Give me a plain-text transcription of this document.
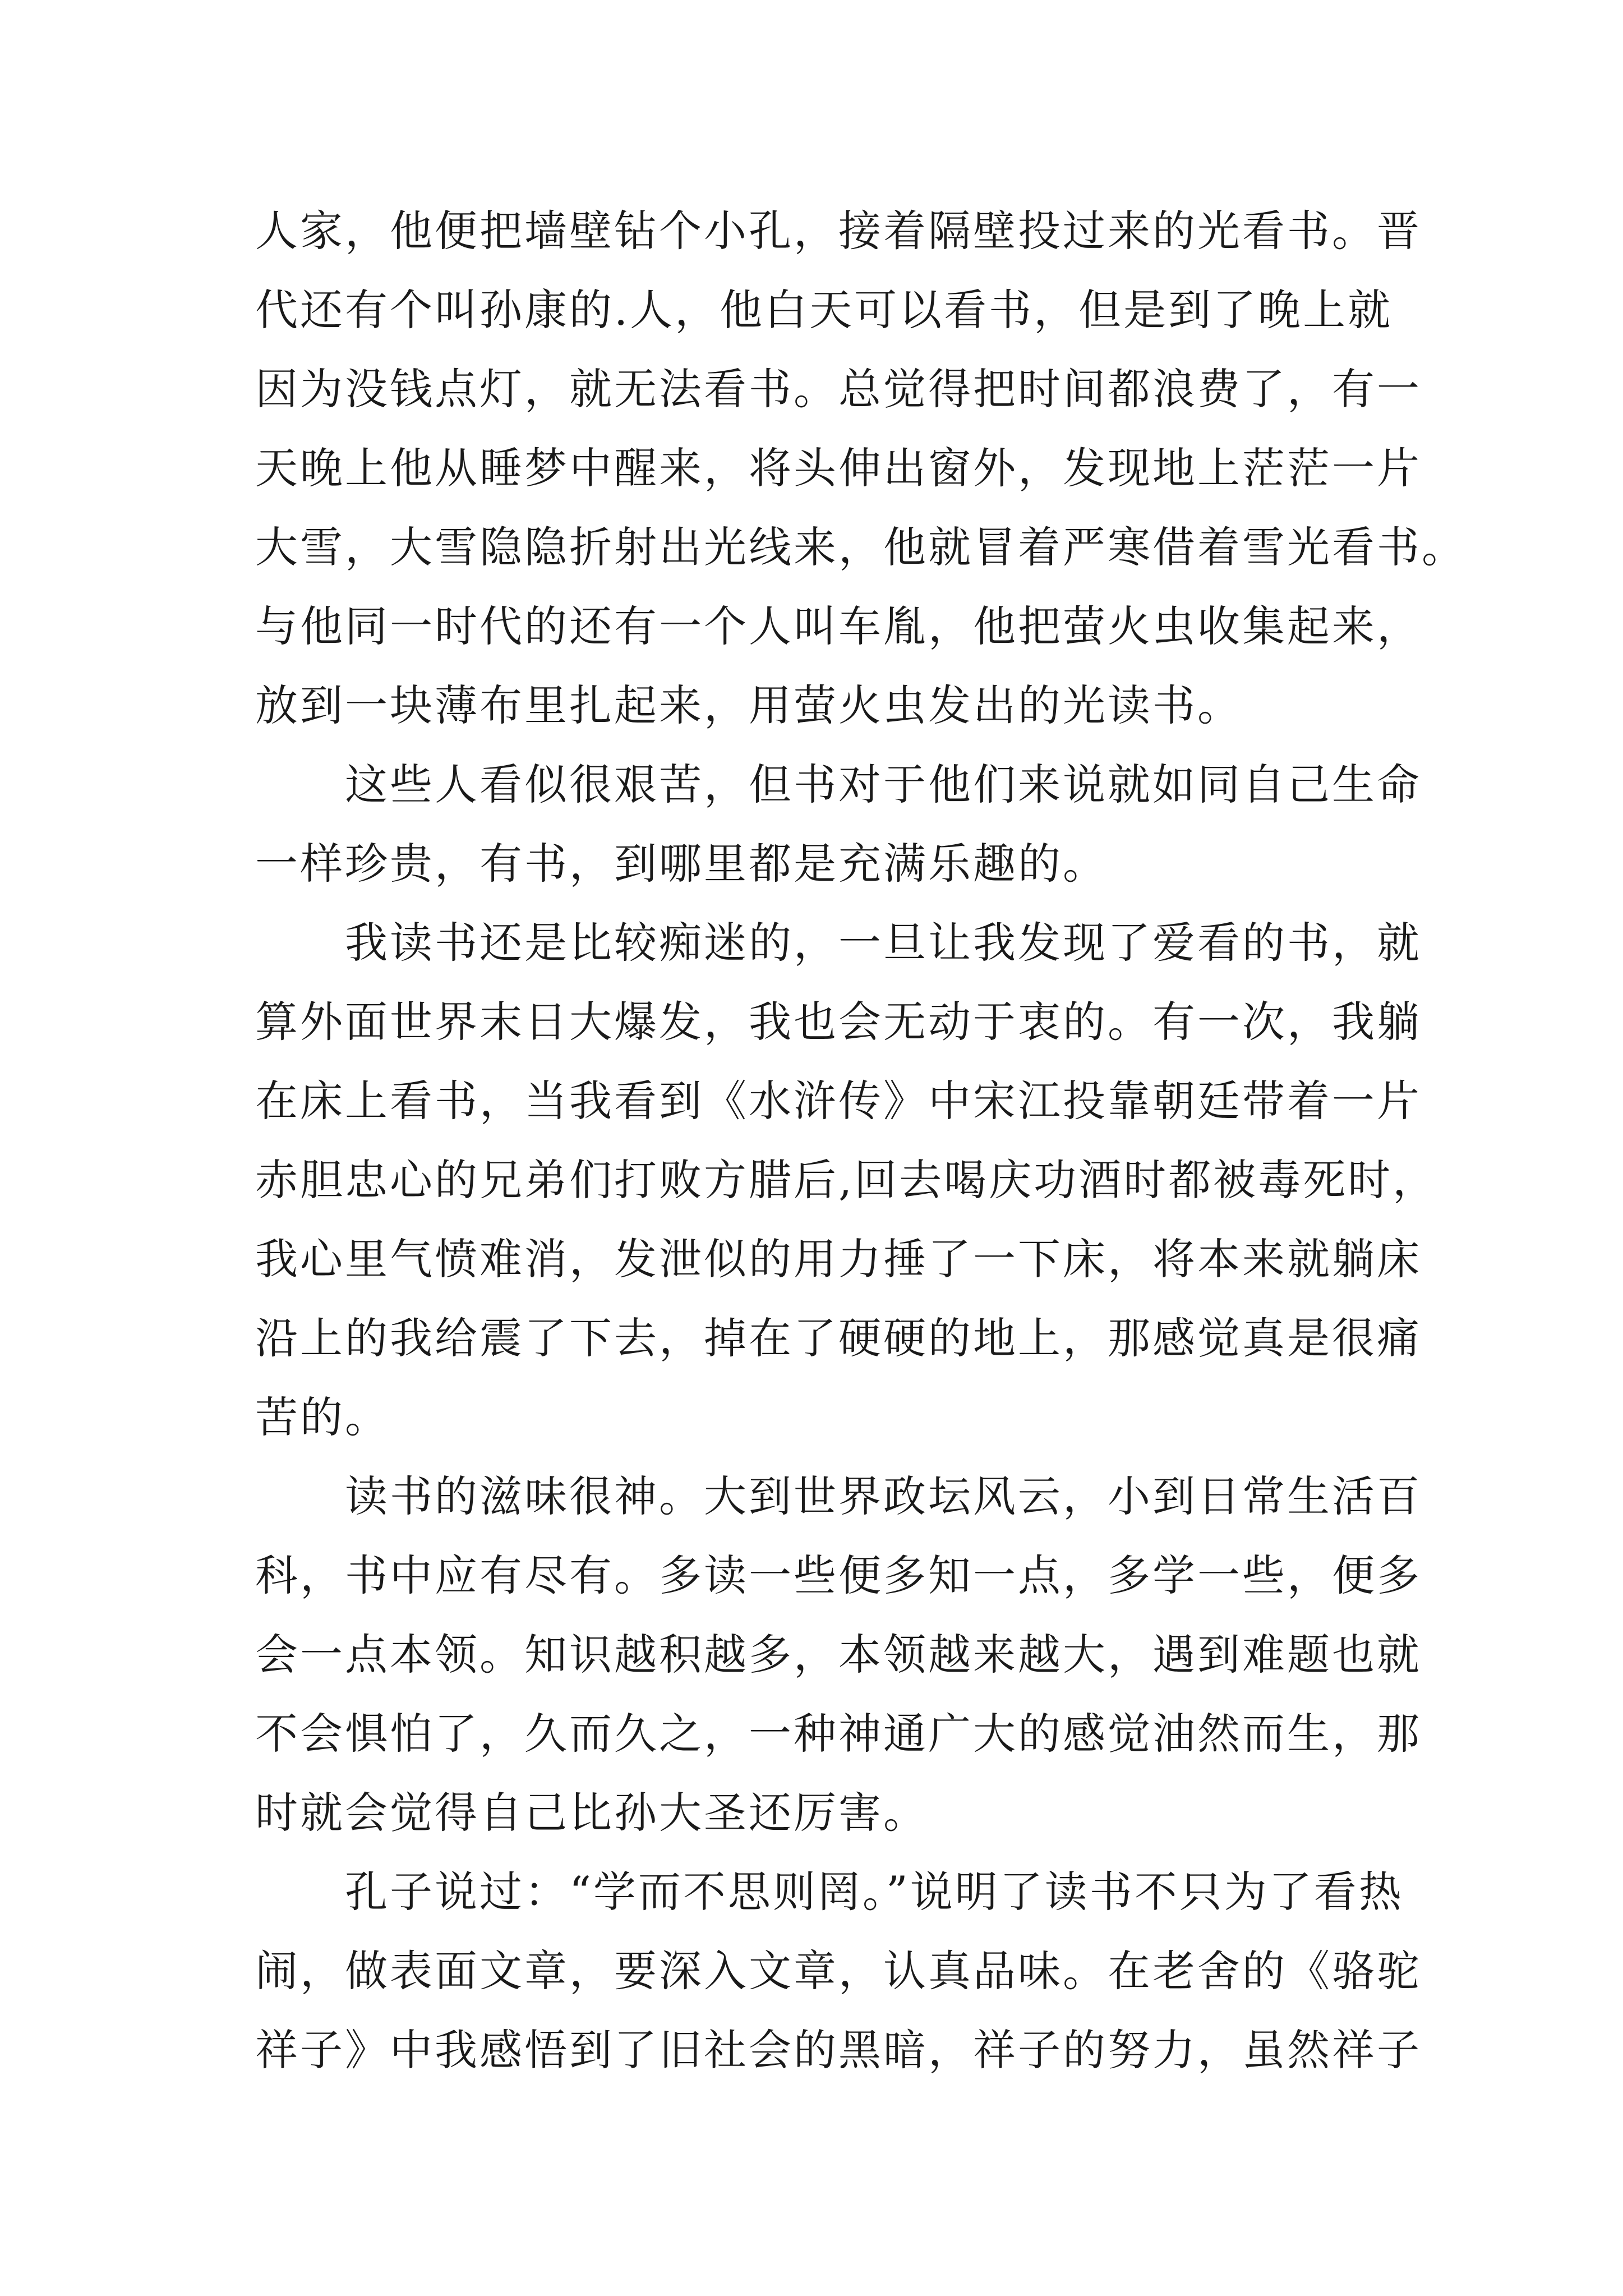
人家，他便把墙壁钻个小孔，接着隔壁投过来的光看书。晋
代还有个叫孙康的.人，他白天可以看书，但是到了晚上就
因为没钱点灯，就无法看书。总觉得把时间都浪费了，有一
天晚上他从睡梦中醒来，将头伸出窗外，发现地上茫茫一片
大雪，大雪隐隐折射出光线来，他就冒着严寒借着雪光看书。
与他同一时代的还有一个人叫车胤，他把萤火虫收集起来，
放到一块薄布里扎起来，用萤火虫发出的光读书。
　　这些人看似很艰苦，但书对于他们来说就如同自己生命
一样珍贵，有书，到哪里都是充满乐趣的。
　　我读书还是比较痴迷的，一旦让我发现了爱看的书，就
算外面世界末日大爆发，我也会无动于衷的。有一次，我躺
在床上看书，当我看到《水浒传》中宋江投靠朝廷带着一片
赤胆忠心的兄弟们打败方腊后,回去喝庆功酒时都被毒死时，
我心里气愤难消，发泄似的用力捶了一下床，将本来就躺床
沿上的我给震了下去，掉在了硬硬的地上，那感觉真是很痛
苦的。
　　读书的滋味很神。大到世界政坛风云，小到日常生活百
科，书中应有尽有。多读一些便多知一点，多学一些，便多
会一点本领。知识越积越多，本领越来越大，遇到难题也就
不会惧怕了，久而久之，一种神通广大的感觉油然而生，那
时就会觉得自己比孙大圣还厉害。
　　孔子说过：“学而不思则罔。”说明了读书不只为了看热
闹，做表面文章，要深入文章，认真品味。在老舍的《骆驼
祥子》中我感悟到了旧社会的黑暗，祥子的努力，虽然祥子
